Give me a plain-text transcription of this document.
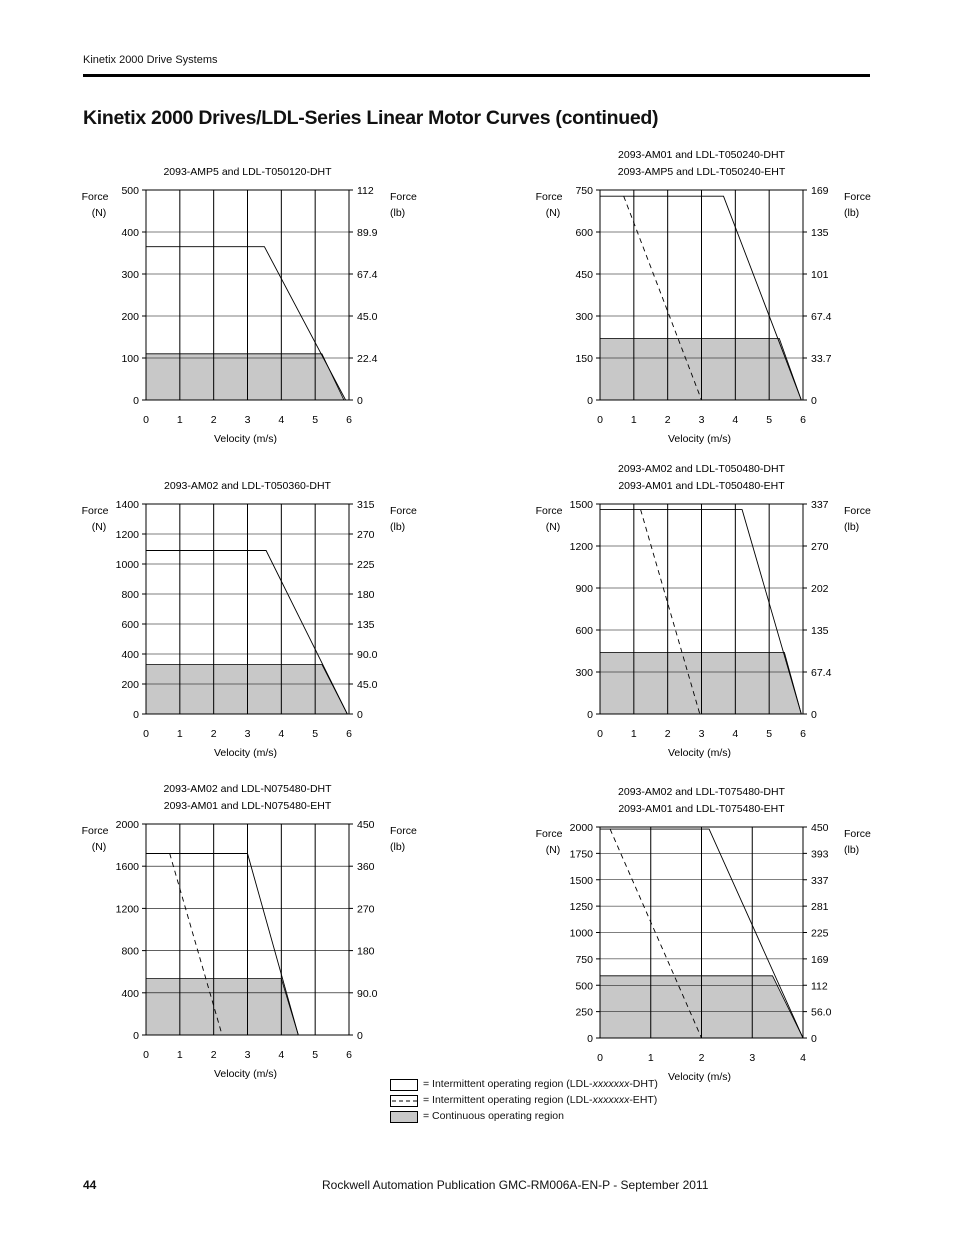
Kinetix 2000 Drive Systems
Kinetix 2000 Drives/LDL-Series Linear Motor Curves (continued)
0	0
100	22.4
200	45.0
300	67.4
400	89.9
500	112
0	1	2	3	4	5	6
2093-AMP5 and LDL-T050120-DHT
Force
(N)
Force
(lb)
Velocity (m/s)
0	0
150	33.7
300	67.4
450	101
600	135
750	169
0	1	2	3	4	5	6
2093-AM01 and LDL-T050240-DHT
2093-AMP5 and LDL-T050240-EHT
Force
(N)
Force
(lb)
Velocity (m/s)
0	0
200	45.0
400	90.0
600	135
800	180
1000	225
1200	270
1400	315
0	1	2	3	4	5	6
2093-AM02 and LDL-T050360-DHT
Force
(N)
Force
(lb)
Velocity (m/s)
0	0
300	67.4
600	135
900	202
1200	270
1500	337
0	1	2	3	4	5	6
2093-AM02 and LDL-T050480-DHT
2093-AM01 and LDL-T050480-EHT
Force
(N)
Force
(lb)
Velocity (m/s)
0	0
400	90.0
800	180
1200	270
1600	360
2000	450
0	1	2	3	4	5	6
2093-AM02 and LDL-N075480-DHT
2093-AM01 and LDL-N075480-EHT
Force
(N)
Force
(lb)
Velocity (m/s)
0	0
250	56.0
500	112
750	169
1000	225
1250	281
1500	337
1750	393
2000	450
0	1	2	3	4
2093-AM02 and LDL-T075480-DHT
2093-AM01 and LDL-T075480-EHT
Force
(N)
Force
(lb)
Velocity (m/s)
= Intermittent operating region (LDL-xxxxxxx-DHT)
= Intermittent operating region (LDL-xxxxxxx-EHT)
= Continuous operating region
44	Rockwell Automation Publication GMC-RM006A-EN-P - September 2011
